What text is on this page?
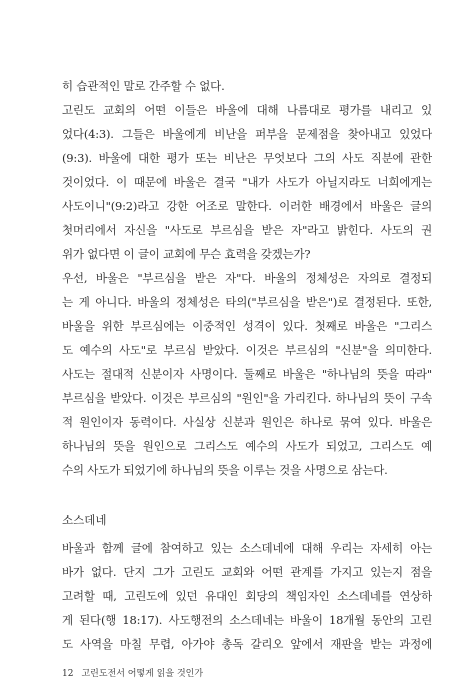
히 습관적인 말로 간주할 수 없다.
고린도 교회의 어떤 이들은 바울에 대해 나름대로 평가를 내리고 있
었다(4:3). 그들은 바울에게 비난을 퍼부을 문제점을 찾아내고 있었다
(9:3). 바울에 대한 평가 또는 비난은 무엇보다 그의 사도 직분에 관한
것이었다. 이 때문에 바울은 결국 "내가 사도가 아닐지라도 너희에게는
사도이니"(9:2)라고 강한 어조로 말한다. 이러한 배경에서 바울은 글의
첫머리에서 자신을 "사도로 부르심을 받은 자"라고 밝힌다. 사도의 권
위가 없다면 이 글이 교회에 무슨 효력을 갖겠는가?
우선, 바울은 "부르심을 받은 자"다. 바울의 정체성은 자의로 결정되
는 게 아니다. 바울의 정체성은 타의("부르심을 받은")로 결정된다. 또한,
바울을 위한 부르심에는 이중적인 성격이 있다. 첫째로 바울은 "그리스
도 예수의 사도"로 부르심 받았다. 이것은 부르심의 "신분"을 의미한다.
사도는 절대적 신분이자 사명이다. 둘째로 바울은 "하나님의 뜻을 따라"
부르심을 받았다. 이것은 부르심의 "원인"을 가리킨다. 하나님의 뜻이 구속
적 원인이자 동력이다. 사실상 신분과 원인은 하나로 묶여 있다. 바울은
하나님의 뜻을 원인으로 그리스도 예수의 사도가 되었고, 그리스도 예
수의 사도가 되었기에 하나님의 뜻을 이루는 것을 사명으로 삼는다.
소스데네
바울과 함께 글에 참여하고 있는 소스데네에 대해 우리는 자세히 아는
바가 없다. 단지 그가 고린도 교회와 어떤 관계를 가지고 있는지 점을
고려할 때, 고린도에 있던 유대인 회당의 책임자인 소스데네를 연상하
게 된다(행 18:17). 사도행전의 소스데네는 바울이 18개월 동안의 고린
도 사역을 마칠 무렵, 아가야 총독 갈리오 앞에서 재판을 받는 과정에
12 고린도전서 어떻게 읽을 것인가
